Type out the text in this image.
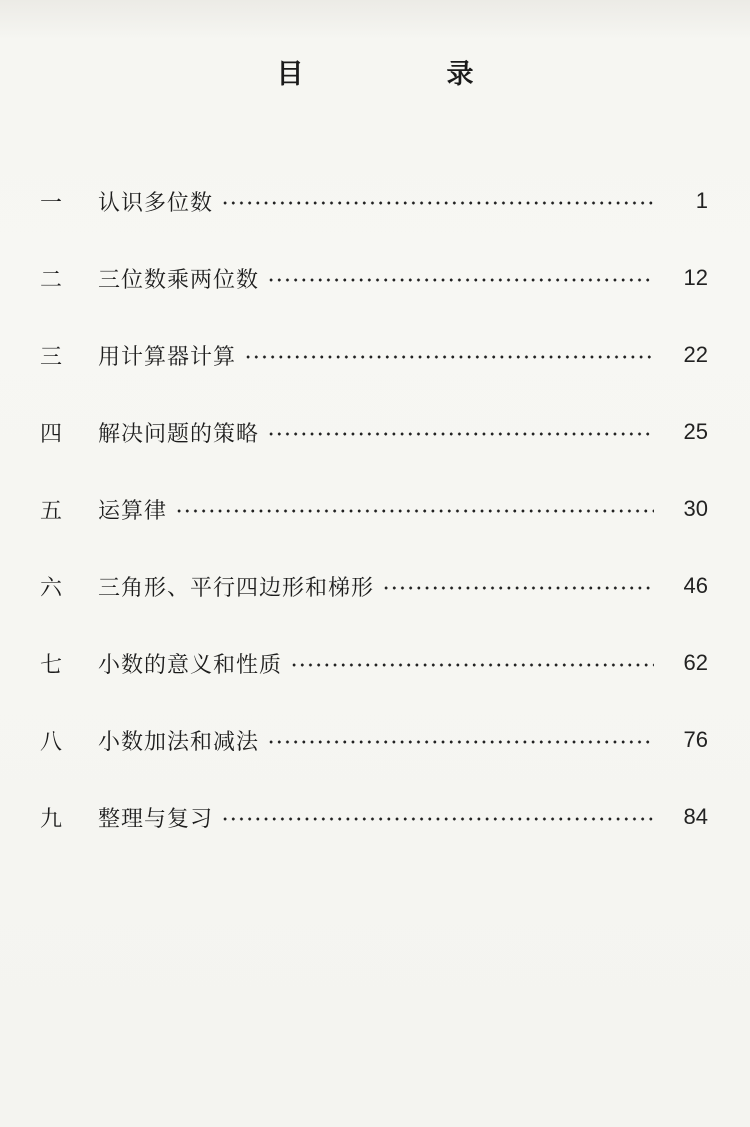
目　录
一	认识多位数	1
二	三位数乘两位数	12
三	用计算器计算	22
四	解决问题的策略	25
五	运算律	30
六	三角形、平行四边形和梯形	46
七	小数的意义和性质	62
八	小数加法和减法	76
九	整理与复习	84
